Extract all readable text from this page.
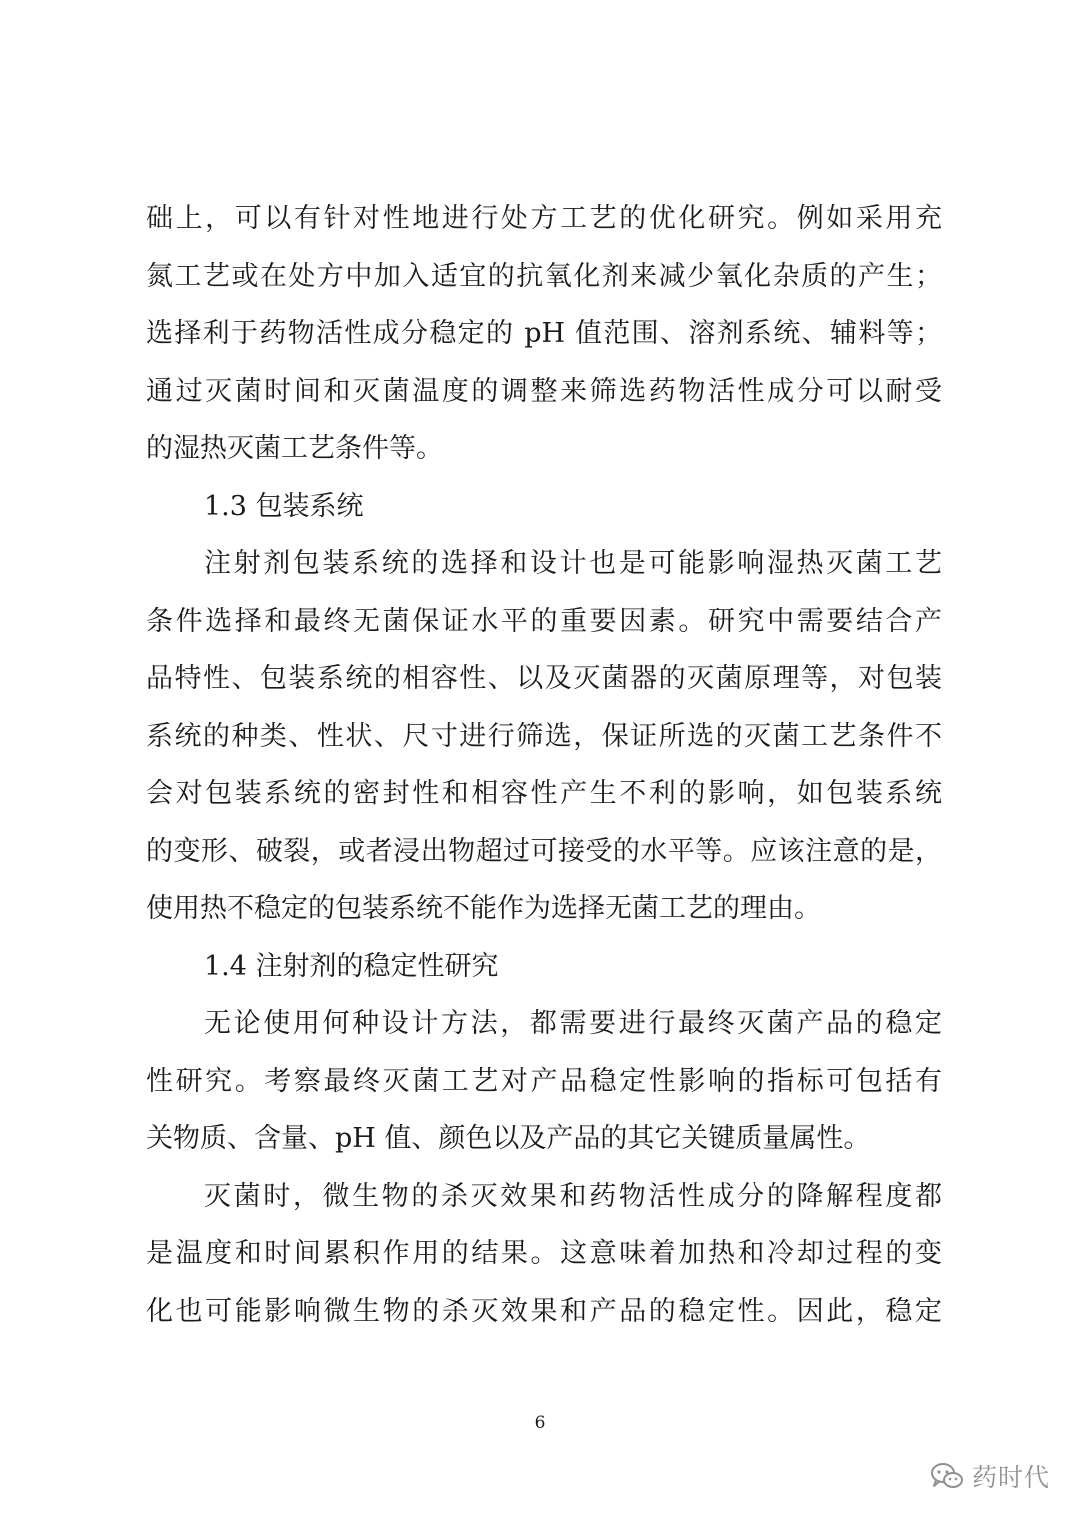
础上，可以有针对性地进行处方工艺的优化研究。例如采用充
氮工艺或在处方中加入适宜的抗氧化剂来减少氧化杂质的产生；
选择利于药物活性成分稳定的 pH 值范围、溶剂系统、辅料等；
通过灭菌时间和灭菌温度的调整来筛选药物活性成分可以耐受
的湿热灭菌工艺条件等。
1.3 包装系统
注射剂包装系统的选择和设计也是可能影响湿热灭菌工艺
条件选择和最终无菌保证水平的重要因素。研究中需要结合产
品特性、包装系统的相容性、以及灭菌器的灭菌原理等，对包装
系统的种类、性状、尺寸进行筛选，保证所选的灭菌工艺条件不
会对包装系统的密封性和相容性产生不利的影响，如包装系统
的变形、破裂，或者浸出物超过可接受的水平等。应该注意的是，
使用热不稳定的包装系统不能作为选择无菌工艺的理由。
1.4 注射剂的稳定性研究
无论使用何种设计方法，都需要进行最终灭菌产品的稳定
性研究。考察最终灭菌工艺对产品稳定性影响的指标可包括有
关物质、含量、pH 值、颜色以及产品的其它关键质量属性。
灭菌时，微生物的杀灭效果和药物活性成分的降解程度都
是温度和时间累积作用的结果。这意味着加热和冷却过程的变
化也可能影响微生物的杀灭效果和产品的稳定性。因此，稳定
6
药时代
